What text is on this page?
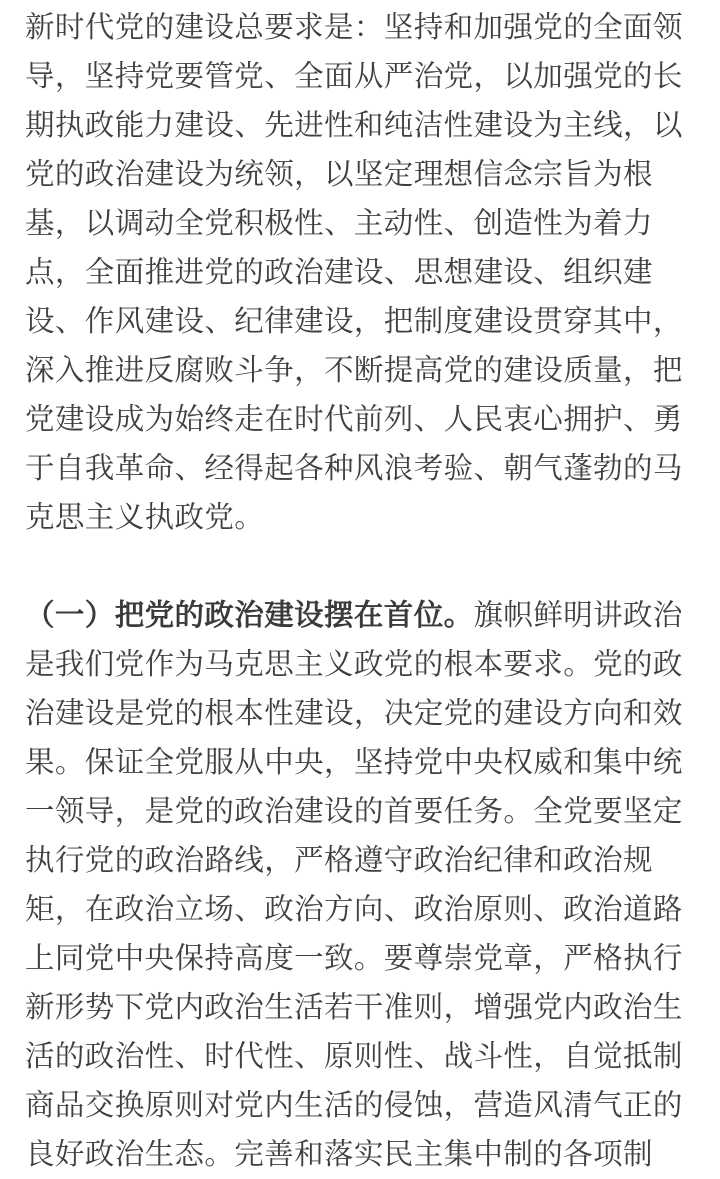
新时代党的建设总要求是：坚持和加强党的全面领导，坚持党要管党、全面从严治党，以加强党的长期执政能力建设、先进性和纯洁性建设为主线，以党的政治建设为统领，以坚定理想信念宗旨为根基，以调动全党积极性、主动性、创造性为着力点，全面推进党的政治建设、思想建设、组织建设、作风建设、纪律建设，把制度建设贯穿其中，深入推进反腐败斗争，不断提高党的建设质量，把党建设成为始终走在时代前列、人民衷心拥护、勇于自我革命、经得起各种风浪考验、朝气蓬勃的马克思主义执政党。

（一）把党的政治建设摆在首位。旗帜鲜明讲政治是我们党作为马克思主义政党的根本要求。党的政治建设是党的根本性建设，决定党的建设方向和效果。保证全党服从中央，坚持党中央权威和集中统一领导，是党的政治建设的首要任务。全党要坚定执行党的政治路线，严格遵守政治纪律和政治规矩，在政治立场、政治方向、政治原则、政治道路上同党中央保持高度一致。要尊崇党章，严格执行新形势下党内政治生活若干准则，增强党内政治生活的政治性、时代性、原则性、战斗性，自觉抵制商品交换原则对党内生活的侵蚀，营造风清气正的良好政治生态。完善和落实民主集中制的各项制
